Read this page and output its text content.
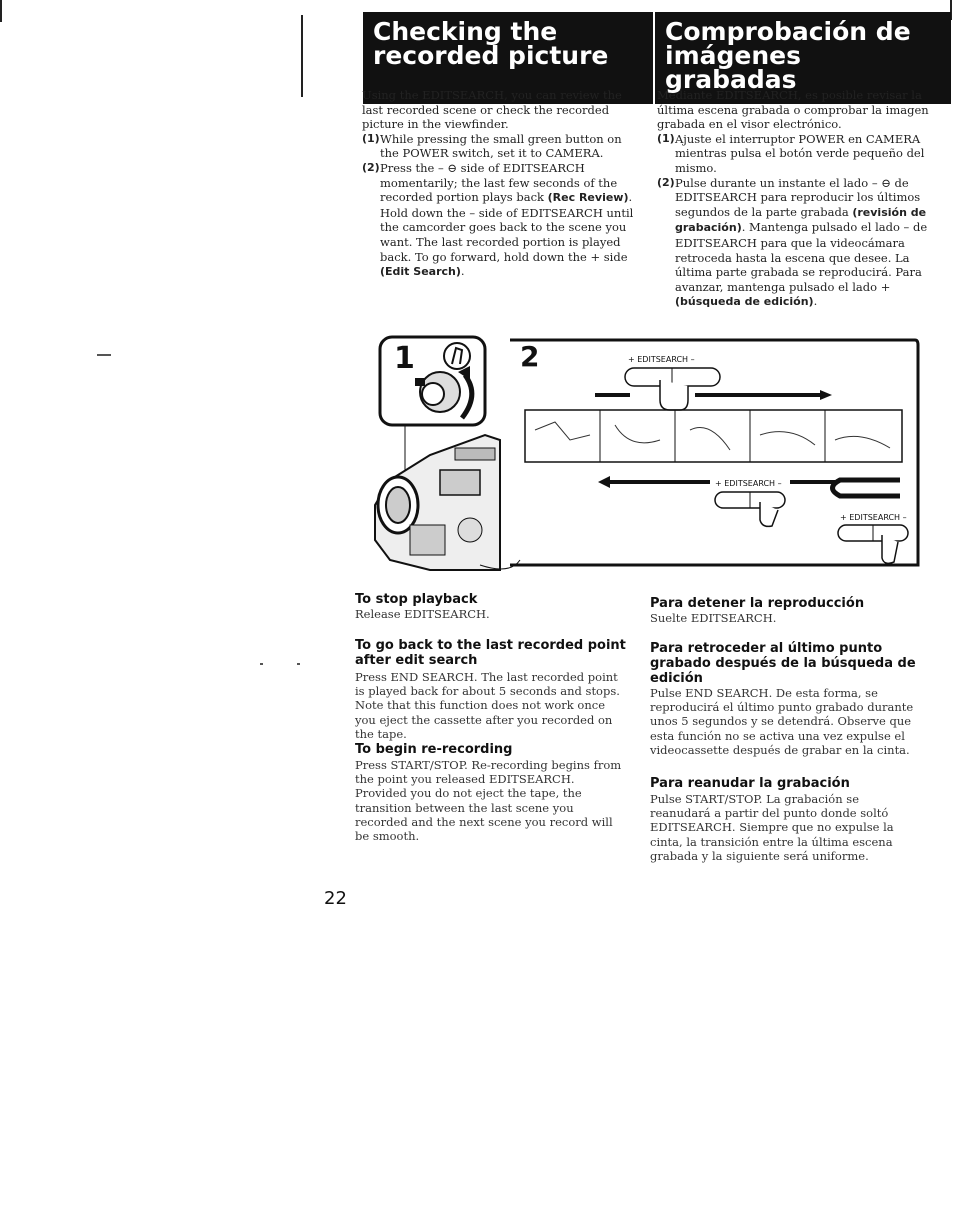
Checking the
recorded picture
Comprobación de
imágenes grabadas

Using the EDITSEARCH, you can review the last recorded scene or check the recorded picture in the viewfinder.

(1) While pressing the small green button on the POWER switch, set it to CAMERA.
(2) Press the – ⊖ side of EDITSEARCH momentarily; the last few seconds of the recorded portion plays back (Rec Review). Hold down the – side of EDITSEARCH until the camcorder goes back to the scene you want. The last recorded portion is played back. To go forward, hold down the + side (Edit Search).

Mediante EDITSEARCH, es posible revisar la última escena grabada o comprobar la imagen grabada en el visor electrónico.

(1) Ajuste el interruptor POWER en CAMERA mientras pulsa el botón verde pequeño del mismo.
(2) Pulse durante un instante el lado – ⊖ de EDITSEARCH para reproducir los últimos segundos de la parte grabada (revisión de grabación). Mantenga pulsado el lado – de EDITSEARCH para que la videocámara retroceda hasta la escena que desee. La última parte grabada se reproducirá. Para avanzar, mantenga pulsado el lado + (búsqueda de edición).
1	2	+ EDITSEARCH –
+ EDITSEARCH –
+ EDITSEARCH –
To stop playback
Release EDITSEARCH.
To go back to the last recorded point after edit search
Press END SEARCH. The last recorded point is played back for about 5 seconds and stops. Note that this function does not work once you eject the cassette after you recorded on the tape.
To begin re-recording
Press START/STOP. Re-recording begins from the point you released EDITSEARCH. Provided you do not eject the tape, the transition between the last scene you recorded and the next scene you record will be smooth.
Para detener la reproducción
Suelte EDITSEARCH.
Para retroceder al último punto grabado después de la búsqueda de edición
Pulse END SEARCH. De esta forma, se reproducirá el último punto grabado durante unos 5 segundos y se detendrá. Observe que esta función no se activa una vez expulse el videocassette después de grabar en la cinta.
Para reanudar la grabación
Pulse START/STOP. La grabación se reanudará a partir del punto donde soltó EDITSEARCH. Siempre que no expulse la cinta, la transición entre la última escena grabada y la siguiente será uniforme.
22
